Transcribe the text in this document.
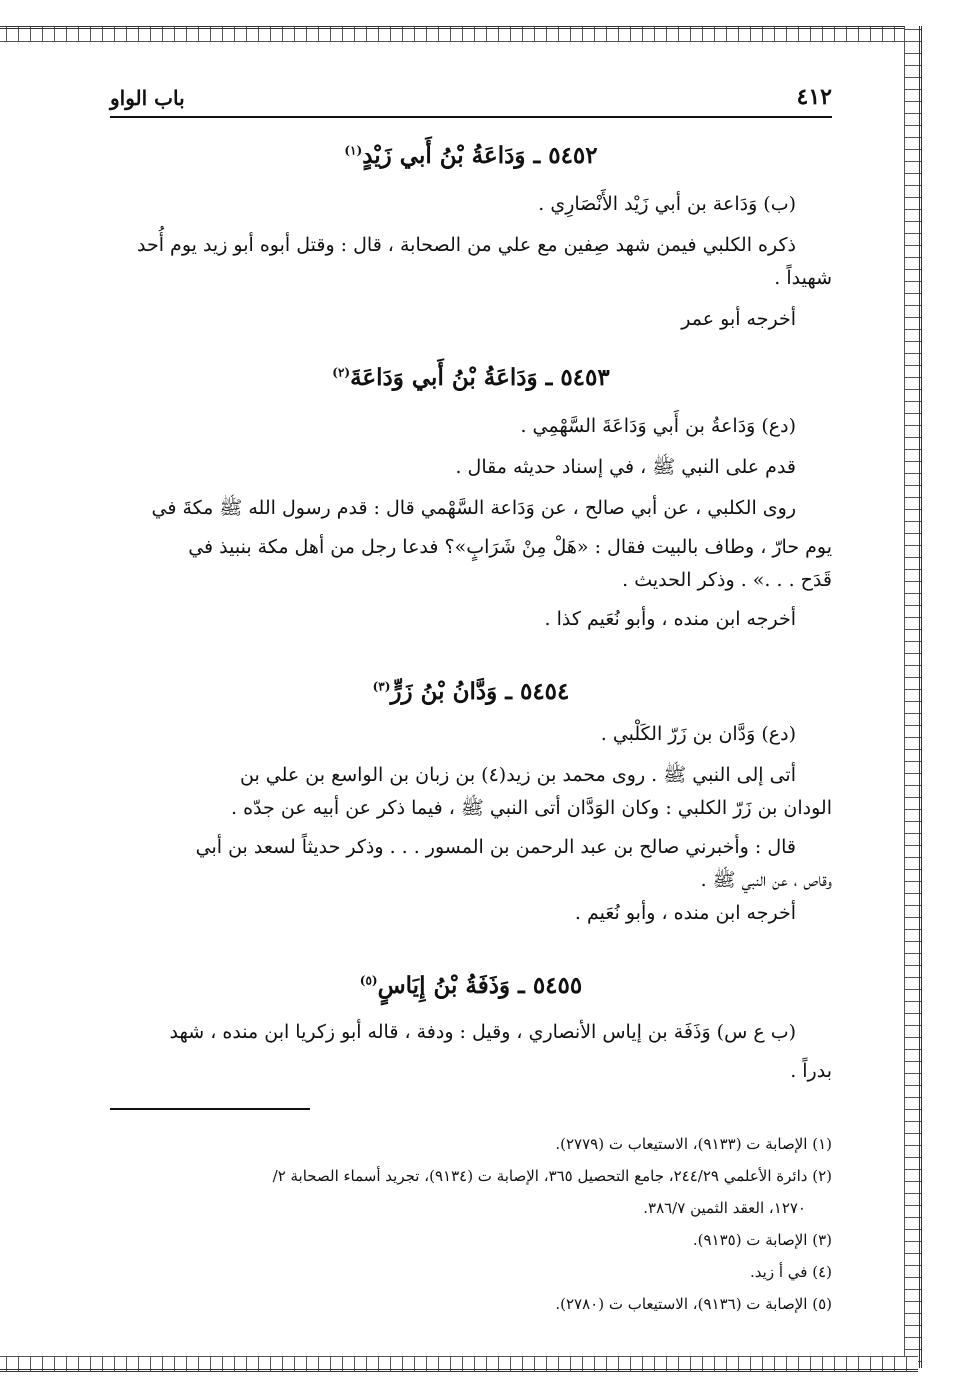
٤١٢
باب الواو

٥٤٥٢ ـ وَدَاعَةُ بْنُ أَبي زَيْدٍ$^{(١)}$

(ب) وَدَاعة بن أبي زَيْد الأَنْصَارِي .

ذكره الكلبي فيمن شهد صِفين مع علي من الصحابة ، قال : وقتل أبوه أبو زيد يوم أُحد

شهيداً .

أخرجه أبو عمر

٥٤٥٣ ـ وَدَاعَةُ بْنُ أَبي وَدَاعَةَ$^{(٢)}$

(دع) وَدَاعةُ بن أَبي وَدَاعَةَ السَّهْمِي .

قدم على النبي ﷺ ، في إسناد حديثه مقال .

روى الكلبي ، عن أبي صالح ، عن وَدَاعة السَّهْمي قال : قدم رسول الله ﷺ مكةَ في

يوم حارّ ، وطاف بالبيت فقال : «هَلْ مِنْ شَرَابٍ»؟ فدعا رجل من أهل مكة بنبيذ في

قَدَح . . .» . وذكر الحديث .

أخرجه ابن منده ، وأبو نُعَيم كذا .

٥٤٥٤ ـ وَدَّانُ بْنُ زَرٍّ$^{(٣)}$

(دع) وَدَّان بن زَرّ الكَلْبي .

أتى إلى النبي ﷺ . روى محمد بن زيد(٤) بن زبان بن الواسع بن علي بن

الودان بن زَرّ الكلبي : وكان الوَدَّان أتى النبي ﷺ ، فيما ذكر عن أبيه عن جدّه .

قال : وأخبرني صالح بن عبد الرحمن بن المسور . . . وذكر حديثاً لسعد بن أبي

وقاص ، عن النبي ﷺ .

أخرجه ابن منده ، وأبو نُعَيم .

٥٤٥٥ ـ وَذَفَةُ بْنُ إِيَاسٍ$^{(٥)}$

(ب ع س) وَذَفَة بن إياس الأنصاري ، وقيل : ودفة ، قاله أبو زكريا ابن منده ، شهد

بدراً .

(١) الإصابة ت (٩١٣٣)، الاستيعاب ت (٢٧٧٩).

(٢) دائرة الأعلمي ٢٤٤/٢٩، جامع التحصيل ٣٦٥، الإصابة ت (٩١٣٤)، تجريد أسماء الصحابة ٢/

١٢٧٠، العقد الثمين ٣٨٦/٧.

(٣) الإصابة ت (٩١٣٥).

(٤) في أ زيد.

(٥) الإصابة ت (٩١٣٦)، الاستيعاب ت (٢٧٨٠).
